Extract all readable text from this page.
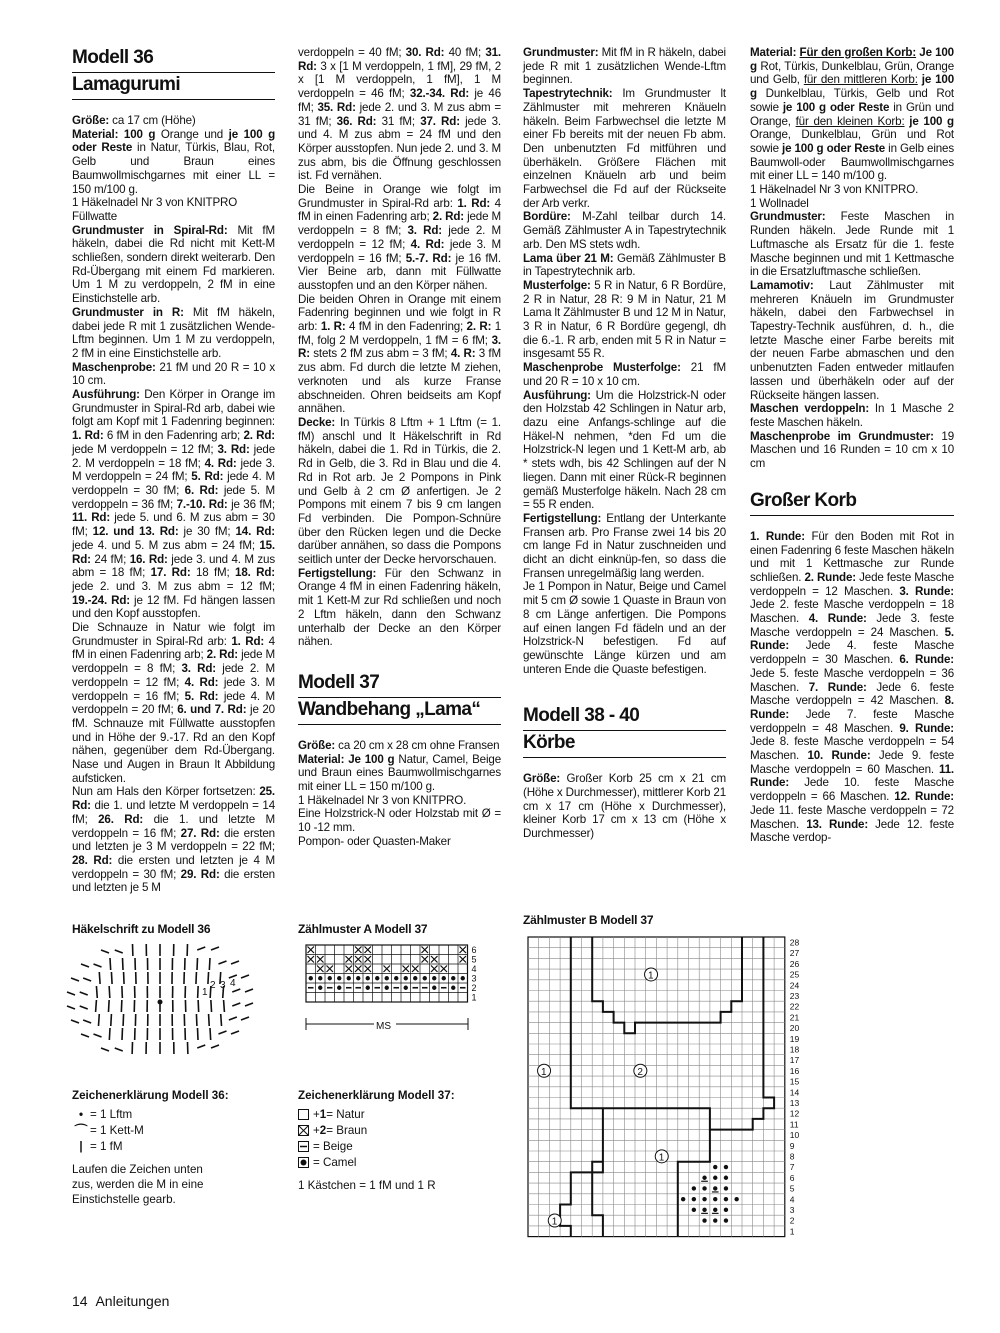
Modell 36
Lamagurumi

Größe: ca 17 cm (Höhe)

Material: 100 g Orange und je 100 g oder Reste in Natur, Türkis, Blau, Rot, Gelb und Braun eines Baumwollmischgarnes mit einer LL = 150 m/100 g.

1 Häkelnadel Nr 3 von KNITPRO

Füllwatte

Grundmuster in Spiral-Rd: Mit fM häkeln, dabei die Rd nicht mit Kett-M schließen, sondern direkt weiterarb. Den Rd-Übergang mit einem Fd markieren. Um 1 M zu verdoppeln, 2 fM in eine Einstichstelle arb.

Grundmuster in R: Mit fM häkeln, dabei jede R mit 1 zusätzlichen Wende-Lftm beginnen. Um 1 M zu verdoppeln, 2 fM in eine Einstichstelle arb.

Maschenprobe: 21 fM und 20 R = 10 x 10 cm.

Ausführung: Den Körper in Orange im Grundmuster in Spiral-Rd arb, dabei wie folgt am Kopf mit 1 Fadenring beginnen: 1. Rd: 6 fM in den Fadenring arb; 2. Rd: jede M verdoppeln = 12 fM; 3. Rd: jede 2. M verdoppeln = 18 fM; 4. Rd: jede 3. M verdoppeln = 24 fM; 5. Rd: jede 4. M verdoppeln = 30 fM; 6. Rd: jede 5. M verdoppeln = 36 fM; 7.-10. Rd: je 36 fM; 11. Rd: jede 5. und 6. M zus abm = 30 fM; 12. und 13. Rd: je 30 fM; 14. Rd: jede 4. und 5. M zus abm = 24 fM; 15. Rd: 24 fM; 16. Rd: jede 3. und 4. M zus abm = 18 fM; 17. Rd: 18 fM; 18. Rd: jede 2. und 3. M zus abm = 12 fM; 19.-24. Rd: je 12 fM. Fd hängen lassen und den Kopf ausstopfen.

Die Schnauze in Natur wie folgt im Grundmuster in Spiral-Rd arb: 1. Rd: 4 fM in einen Fadenring arb; 2. Rd: jede M verdoppeln = 8 fM; 3. Rd: jede 2. M verdoppeln = 12 fM; 4. Rd: jede 3. M verdoppeln = 16 fM; 5. Rd: jede 4. M verdoppeln = 20 fM; 6. und 7. Rd: je 20 fM. Schnauze mit Füllwatte ausstopfen und in Höhe der 9.-17. Rd an den Kopf nähen, gegenüber dem Rd-Übergang. Nase und Augen in Braun lt Abbildung aufsticken.

Nun am Hals den Körper fortsetzen: 25. Rd: die 1. und letzte M verdoppeln = 14 fM; 26. Rd: die 1. und letzte M verdoppeln = 16 fM; 27. Rd: die ersten und letzten je 3 M verdoppeln = 22 fM; 28. Rd: die ersten und letzten je 4 M verdoppeln = 30 fM; 29. Rd: die ersten und letzten je 5 M

verdoppeln = 40 fM; 30. Rd: 40 fM; 31. Rd: 3 x [1 M verdoppeln, 1 fM], 29 fM, 2 x [1 M verdoppeln, 1 fM], 1 M verdoppeln = 46 fM; 32.-34. Rd: je 46 fM; 35. Rd: jede 2. und 3. M zus abm = 31 fM; 36. Rd: 31 fM; 37. Rd: jede 3. und 4. M zus abm = 24 fM und den Körper ausstopfen. Nun jede 2. und 3. M zus abm, bis die Öffnung geschlossen ist. Fd vernähen.

Die Beine in Orange wie folgt im Grundmuster in Spiral-Rd arb: 1. Rd: 4 fM in einen Fadenring arb; 2. Rd: jede M verdoppeln = 8 fM; 3. Rd: jede 2. M verdoppeln = 12 fM; 4. Rd: jede 3. M verdoppeln = 16 fM; 5.-7. Rd: je 16 fM. Vier Beine arb, dann mit Füllwatte ausstopfen und an den Körper nähen.

Die beiden Ohren in Orange mit einem Fadenring beginnen und wie folgt in R arb: 1. R: 4 fM in den Fadenring; 2. R: 1 fM, folg 2 M verdoppeln, 1 fM = 6 fM; 3. R: stets 2 fM zus abm = 3 fM; 4. R: 3 fM zus abm. Fd durch die letzte M ziehen, verknoten und als kurze Franse abschneiden. Ohren beidseits am Kopf annähen.

Decke: In Türkis 8 Lftm + 1 Lftm (= 1. fM) anschl und lt Häkelschrift in Rd häkeln, dabei die 1. Rd in Türkis, die 2. Rd in Gelb, die 3. Rd in Blau und die 4. Rd in Rot arb. Je 2 Pompons in Pink und Gelb à 2 cm Ø anfertigen. Je 2 Pompons mit einem 7 bis 9 cm langen Fd verbinden. Die Pompon-Schnüre über den Rücken legen und die Decke darüber annähen, so dass die Pompons seitlich unter der Decke hervorschauen.

Fertigstellung: Für den Schwanz in Orange 4 fM in einen Fadenring häkeln, mit 1 Kett-M zur Rd schließen und noch 2 Lftm häkeln, dann den Schwanz unterhalb der Decke an den Körper nähen.

Modell 37
Wandbehang „Lama“

Größe: ca 20 cm x 28 cm ohne Fransen

Material: Je 100 g Natur, Camel, Beige und Braun eines Baumwollmischgarnes mit einer LL = 150 m/100 g.

1 Häkelnadel Nr 3 von KNITPRO.

Eine Holzstrick-N oder Holzstab mit Ø = 10 -12 mm.

Pompon- oder Quasten-Maker

Grundmuster: Mit fM in R häkeln, dabei jede R mit 1 zusätzlichen Wende-Lftm beginnen.

Tapestrytechnik: Im Grundmuster lt Zählmuster mit mehreren Knäueln häkeln. Beim Farbwechsel die letzte M einer Fb bereits mit der neuen Fb abm. Den unbenutzten Fd mitführen und überhäkeln. Größere Flächen mit einzelnen Knäueln arb und beim Farbwechsel die Fd auf der Rückseite der Arb verkr.

Bordüre: M-Zahl teilbar durch 14. Gemäß Zählmuster A in Tapestrytechnik arb. Den MS stets wdh.

Lama über 21 M: Gemäß Zählmuster B in Tapestrytechnik arb.

Musterfolge: 5 R in Natur, 6 R Bordüre, 2 R in Natur, 28 R: 9 M in Natur, 21 M Lama lt Zählmuster B und 12 M in Natur, 3 R in Natur, 6 R Bordüre gegengl, dh die 6.-1. R arb, enden mit 5 R in Natur = insgesamt 55 R.

Maschenprobe Musterfolge: 21 fM und 20 R = 10 x 10 cm.

Ausführung: Um die Holzstrick-N oder den Holzstab 42 Schlingen in Natur arb, dazu eine Anfangs-schlinge auf die Häkel-N nehmen, *den Fd um die Holzstrick-N legen und 1 Kett-M arb, ab * stets wdh, bis 42 Schlingen auf der N liegen. Dann mit einer Rück-R beginnen gemäß Musterfolge häkeln. Nach 28 cm = 55 R enden.

Fertigstellung: Entlang der Unterkante Fransen arb. Pro Franse zwei 14 bis 20 cm lange Fd in Natur zuschneiden und dicht an dicht einknüp-fen, so dass die Fransen unregelmäßig lang werden.

Je 1 Pompon in Natur, Beige und Camel mit 5 cm Ø sowie 1 Quaste in Braun von 8 cm Länge anfertigen. Die Pompons auf einen langen Fd fädeln und an der Holzstrick-N befestigen. Fd auf gewünschte Länge kürzen und am unteren Ende die Quaste befestigen.

Modell 38 - 40
Körbe

Größe: Großer Korb 25 cm x 21 cm (Höhe x Durchmesser), mittlerer Korb 21 cm x 17 cm (Höhe x Durchmesser), kleiner Korb 17 cm x 13 cm (Höhe x Durchmesser)

Material: Für den großen Korb: Je 100 g Rot, Türkis, Dunkelblau, Grün, Orange und Gelb, für den mittleren Korb: je 100 g Dunkelblau, Türkis, Gelb und Rot sowie je 100 g oder Reste in Grün und Orange, für den kleinen Korb: je 100 g Orange, Dunkelblau, Grün und Rot sowie je 100 g oder Reste in Gelb eines Baumwoll-oder Baumwollmischgarnes mit einer LL = 140 m/100 g.

1 Häkelnadel Nr 3 von KNITPRO.

1 Wollnadel

Grundmuster: Feste Maschen in Runden häkeln. Jede Runde mit 1 Luftmasche als Ersatz für die 1. feste Masche beginnen und mit 1 Kettmasche in die Ersatzluftmasche schließen.

Lamamotiv: Laut Zählmuster mit mehreren Knäueln im Grundmuster häkeln, dabei den Farbwechsel in Tapestry-Technik ausführen, d. h., die letzte Masche einer Farbe bereits mit der neuen Farbe abmaschen und den unbenutzten Faden entweder mitlaufen lassen und überhäkeln oder auf der Rückseite hängen lassen.

Maschen verdoppeln: In 1 Masche 2 feste Maschen häkeln.

Maschenprobe im Grundmuster: 19 Maschen und 16 Runden = 10 cm x 10 cm

Großer Korb

1. Runde: Für den Boden mit Rot in einen Fadenring 6 feste Maschen häkeln und mit 1 Kettmasche zur Runde schließen. 2. Runde: Jede feste Masche verdoppeln = 12 Maschen. 3. Runde: Jede 2. feste Masche verdoppeln = 18 Maschen. 4. Runde: Jede 3. feste Masche verdoppeln = 24 Maschen. 5. Runde: Jede 4. feste Masche verdoppeln = 30 Maschen. 6. Runde: Jede 5. feste Masche verdoppeln = 36 Maschen. 7. Runde: Jede 6. feste Masche verdoppeln = 42 Maschen. 8. Runde: Jede 7. feste Masche verdoppeln = 48 Maschen. 9. Runde: Jede 8. feste Masche verdoppeln = 54 Maschen. 10. Runde: Jede 9. feste Masche verdoppeln = 60 Maschen. 11. Runde: Jede 10. feste Masche verdoppeln = 66 Maschen. 12. Runde: Jede 11. feste Masche verdoppeln = 72 Maschen. 13. Runde: Jede 12. feste Masche verdop-

Häkelschrift zu Modell 36
1
2 3 4
Zählmuster A Modell 37
6
5
4
3
2
1
MS
Zählmuster B Modell 37
1
1	2
1
1
28
27
26
25
24
23
22
21
20
19
18
17
16
15
14
13
12
11
10
9
8
7
6
5
4
3
2
1
Zeichenerklärung Modell 36:
• = 1 Lftm
⌒ = 1 Kett-M
| = 1 fM
Laufen die Zeichen unten zus, werden die M in eine Einstichstelle gearb.
Zeichenerklärung Modell 37:
+ 1 = Natur
+ 2 = Braun
= Beige
= Camel
1 Kästchen = 1 fM und 1 R
14 Anleitungen
